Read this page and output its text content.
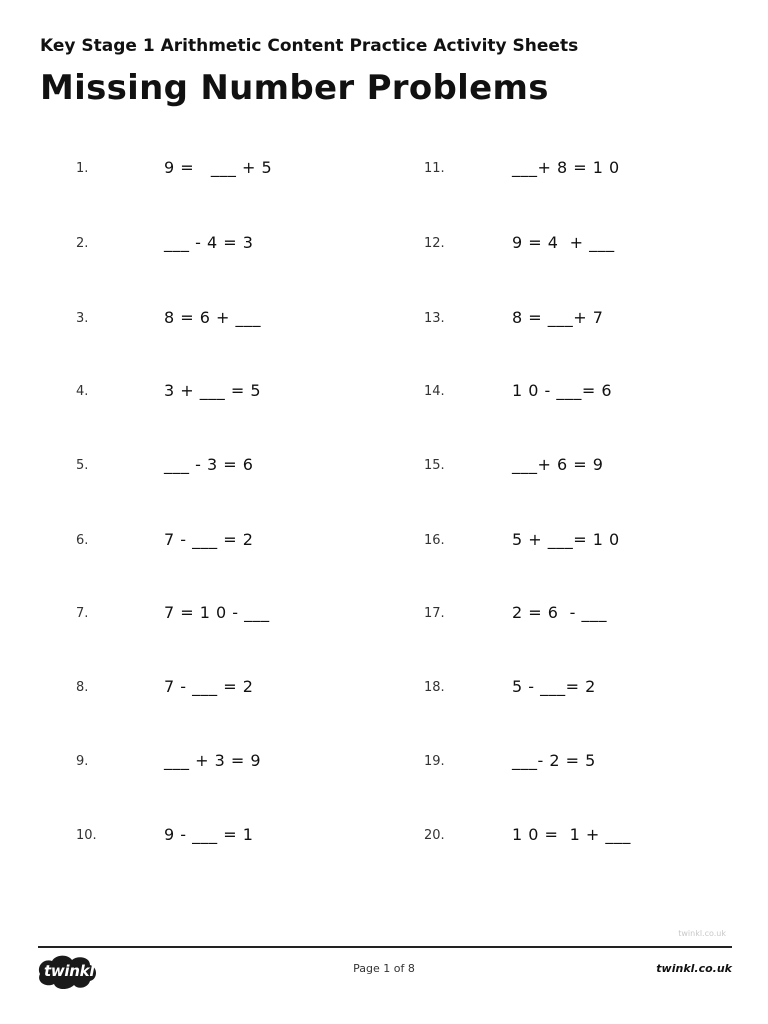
Key Stage 1 Arithmetic Content Practice Activity Sheets
Missing Number Problems
1.	9 =   ___ + 5
2.	___ - 4 = 3
3.	8 = 6 + ___
4.	3 + ___ = 5
5.	___ - 3 = 6
6.	7 - ___ = 2
7.	7 = 1 0 - ___
8.	7 - ___ = 2
9.	___ + 3 = 9
10.	9 - ___ = 1
11.	___+ 8 = 1 0
12.	9 = 4  + ___
13.	8 = ___+ 7
14.	1 0 - ___= 6
15.	___+ 6 = 9
16.	5 + ___= 1 0
17.	2 = 6  - ___
18.	5 - ___= 2
19.	___- 2 = 5
20.	1 0 =  1 + ___
twinkl.co.uk
twinkl	Page 1 of 8	twinkl.co.uk
